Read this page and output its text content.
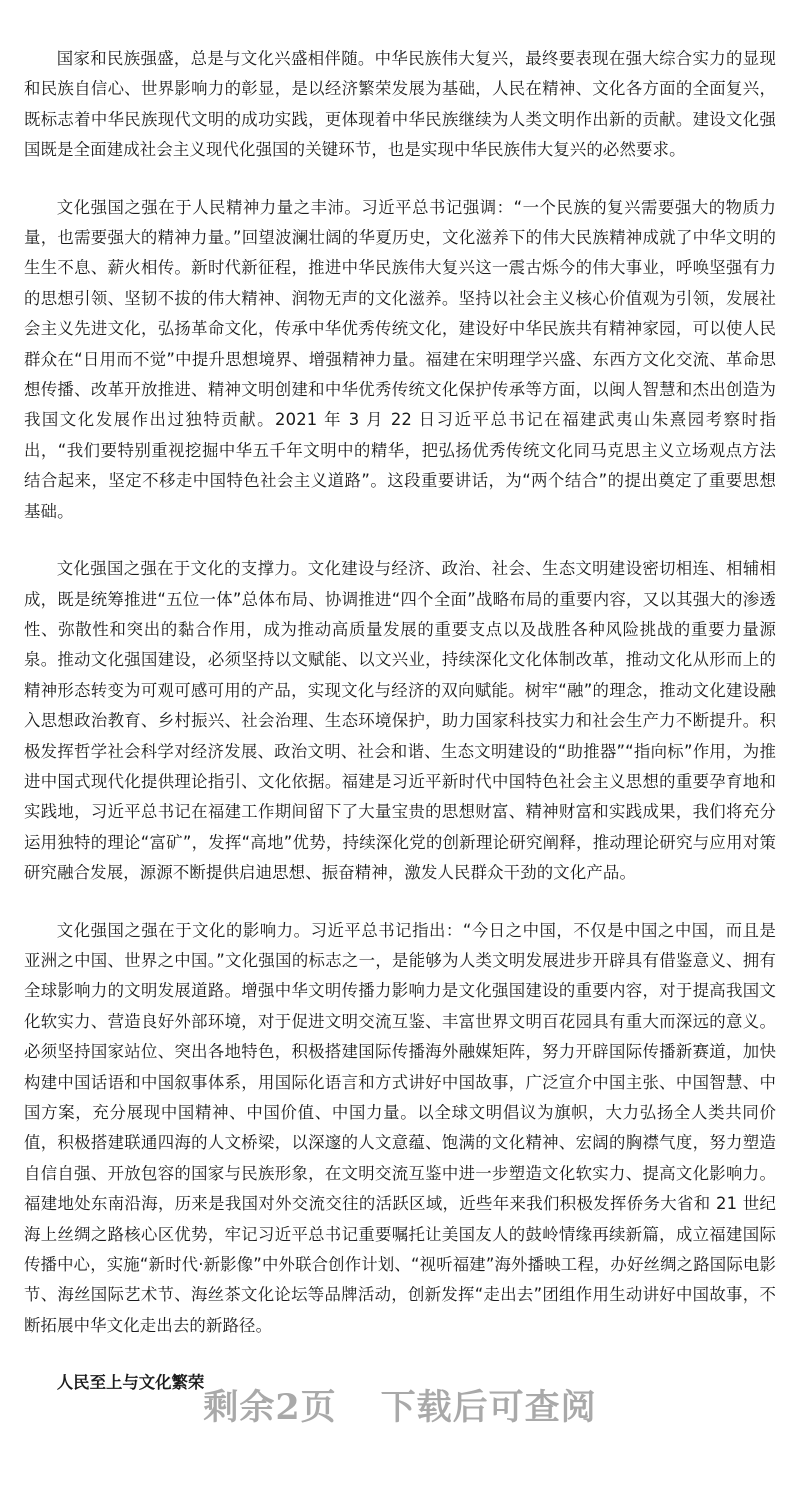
国家和民族强盛，总是与文化兴盛相伴随。中华民族伟大复兴，最终要表现在强大综合实力的显现和民族自信心、世界影响力的彰显，是以经济繁荣发展为基础，人民在精神、文化各方面的全面复兴，既标志着中华民族现代文明的成功实践，更体现着中华民族继续为人类文明作出新的贡献。建设文化强国既是全面建成社会主义现代化强国的关键环节，也是实现中华民族伟大复兴的必然要求。

文化强国之强在于人民精神力量之丰沛。习近平总书记强调：“一个民族的复兴需要强大的物质力量，也需要强大的精神力量。”回望波澜壮阔的华夏历史，文化滋养下的伟大民族精神成就了中华文明的生生不息、薪火相传。新时代新征程，推进中华民族伟大复兴这一震古烁今的伟大事业，呼唤坚强有力的思想引领、坚韧不拔的伟大精神、润物无声的文化滋养。坚持以社会主义核心价值观为引领，发展社会主义先进文化，弘扬革命文化，传承中华优秀传统文化，建设好中华民族共有精神家园，可以使人民群众在“日用而不觉”中提升思想境界、增强精神力量。福建在宋明理学兴盛、东西方文化交流、革命思想传播、改革开放推进、精神文明创建和中华优秀传统文化保护传承等方面，以闽人智慧和杰出创造为我国文化发展作出过独特贡献。2021 年 3 月 22 日习近平总书记在福建武夷山朱熹园考察时指出，“我们要特别重视挖掘中华五千年文明中的精华，把弘扬优秀传统文化同马克思主义立场观点方法结合起来，坚定不移走中国特色社会主义道路”。这段重要讲话，为“两个结合”的提出奠定了重要思想基础。

文化强国之强在于文化的支撑力。文化建设与经济、政治、社会、生态文明建设密切相连、相辅相成，既是统筹推进“五位一体”总体布局、协调推进“四个全面”战略布局的重要内容，又以其强大的渗透性、弥散性和突出的黏合作用，成为推动高质量发展的重要支点以及战胜各种风险挑战的重要力量源泉。推动文化强国建设，必须坚持以文赋能、以文兴业，持续深化文化体制改革，推动文化从形而上的精神形态转变为可观可感可用的产品，实现文化与经济的双向赋能。树牢“融”的理念，推动文化建设融入思想政治教育、乡村振兴、社会治理、生态环境保护，助力国家科技实力和社会生产力不断提升。积极发挥哲学社会科学对经济发展、政治文明、社会和谐、生态文明建设的“助推器”“指向标”作用，为推进中国式现代化提供理论指引、文化依据。福建是习近平新时代中国特色社会主义思想的重要孕育地和实践地，习近平总书记在福建工作期间留下了大量宝贵的思想财富、精神财富和实践成果，我们将充分运用独特的理论“富矿”，发挥“高地”优势，持续深化党的创新理论研究阐释，推动理论研究与应用对策研究融合发展，源源不断提供启迪思想、振奋精神，激发人民群众干劲的文化产品。

文化强国之强在于文化的影响力。习近平总书记指出：“今日之中国，不仅是中国之中国，而且是亚洲之中国、世界之中国。”文化强国的标志之一，是能够为人类文明发展进步开辟具有借鉴意义、拥有全球影响力的文明发展道路。增强中华文明传播力影响力是文化强国建设的重要内容，对于提高我国文化软实力、营造良好外部环境，对于促进文明交流互鉴、丰富世界文明百花园具有重大而深远的意义。必须坚持国家站位、突出各地特色，积极搭建国际传播海外融媒矩阵，努力开辟国际传播新赛道，加快构建中国话语和中国叙事体系，用国际化语言和方式讲好中国故事，广泛宣介中国主张、中国智慧、中国方案，充分展现中国精神、中国价值、中国力量。以全球文明倡议为旗帜，大力弘扬全人类共同价值，积极搭建联通四海的人文桥梁，以深邃的人文意蕴、饱满的文化精神、宏阔的胸襟气度，努力塑造自信自强、开放包容的国家与民族形象，在文明交流互鉴中进一步塑造文化软实力、提高文化影响力。福建地处东南沿海，历来是我国对外交流交往的活跃区域，近些年来我们积极发挥侨务大省和 21 世纪海上丝绸之路核心区优势，牢记习近平总书记重要嘱托让美国友人的鼓岭情缘再续新篇，成立福建国际传播中心，实施“新时代·新影像”中外联合创作计划、“视听福建”海外播映工程，办好丝绸之路国际电影节、海丝国际艺术节、海丝茶文化论坛等品牌活动，创新发挥“走出去”团组作用生动讲好中国故事，不断拓展中华文化走出去的新路径。

人民至上与文化繁荣

剩余2页 下载后可查阅
